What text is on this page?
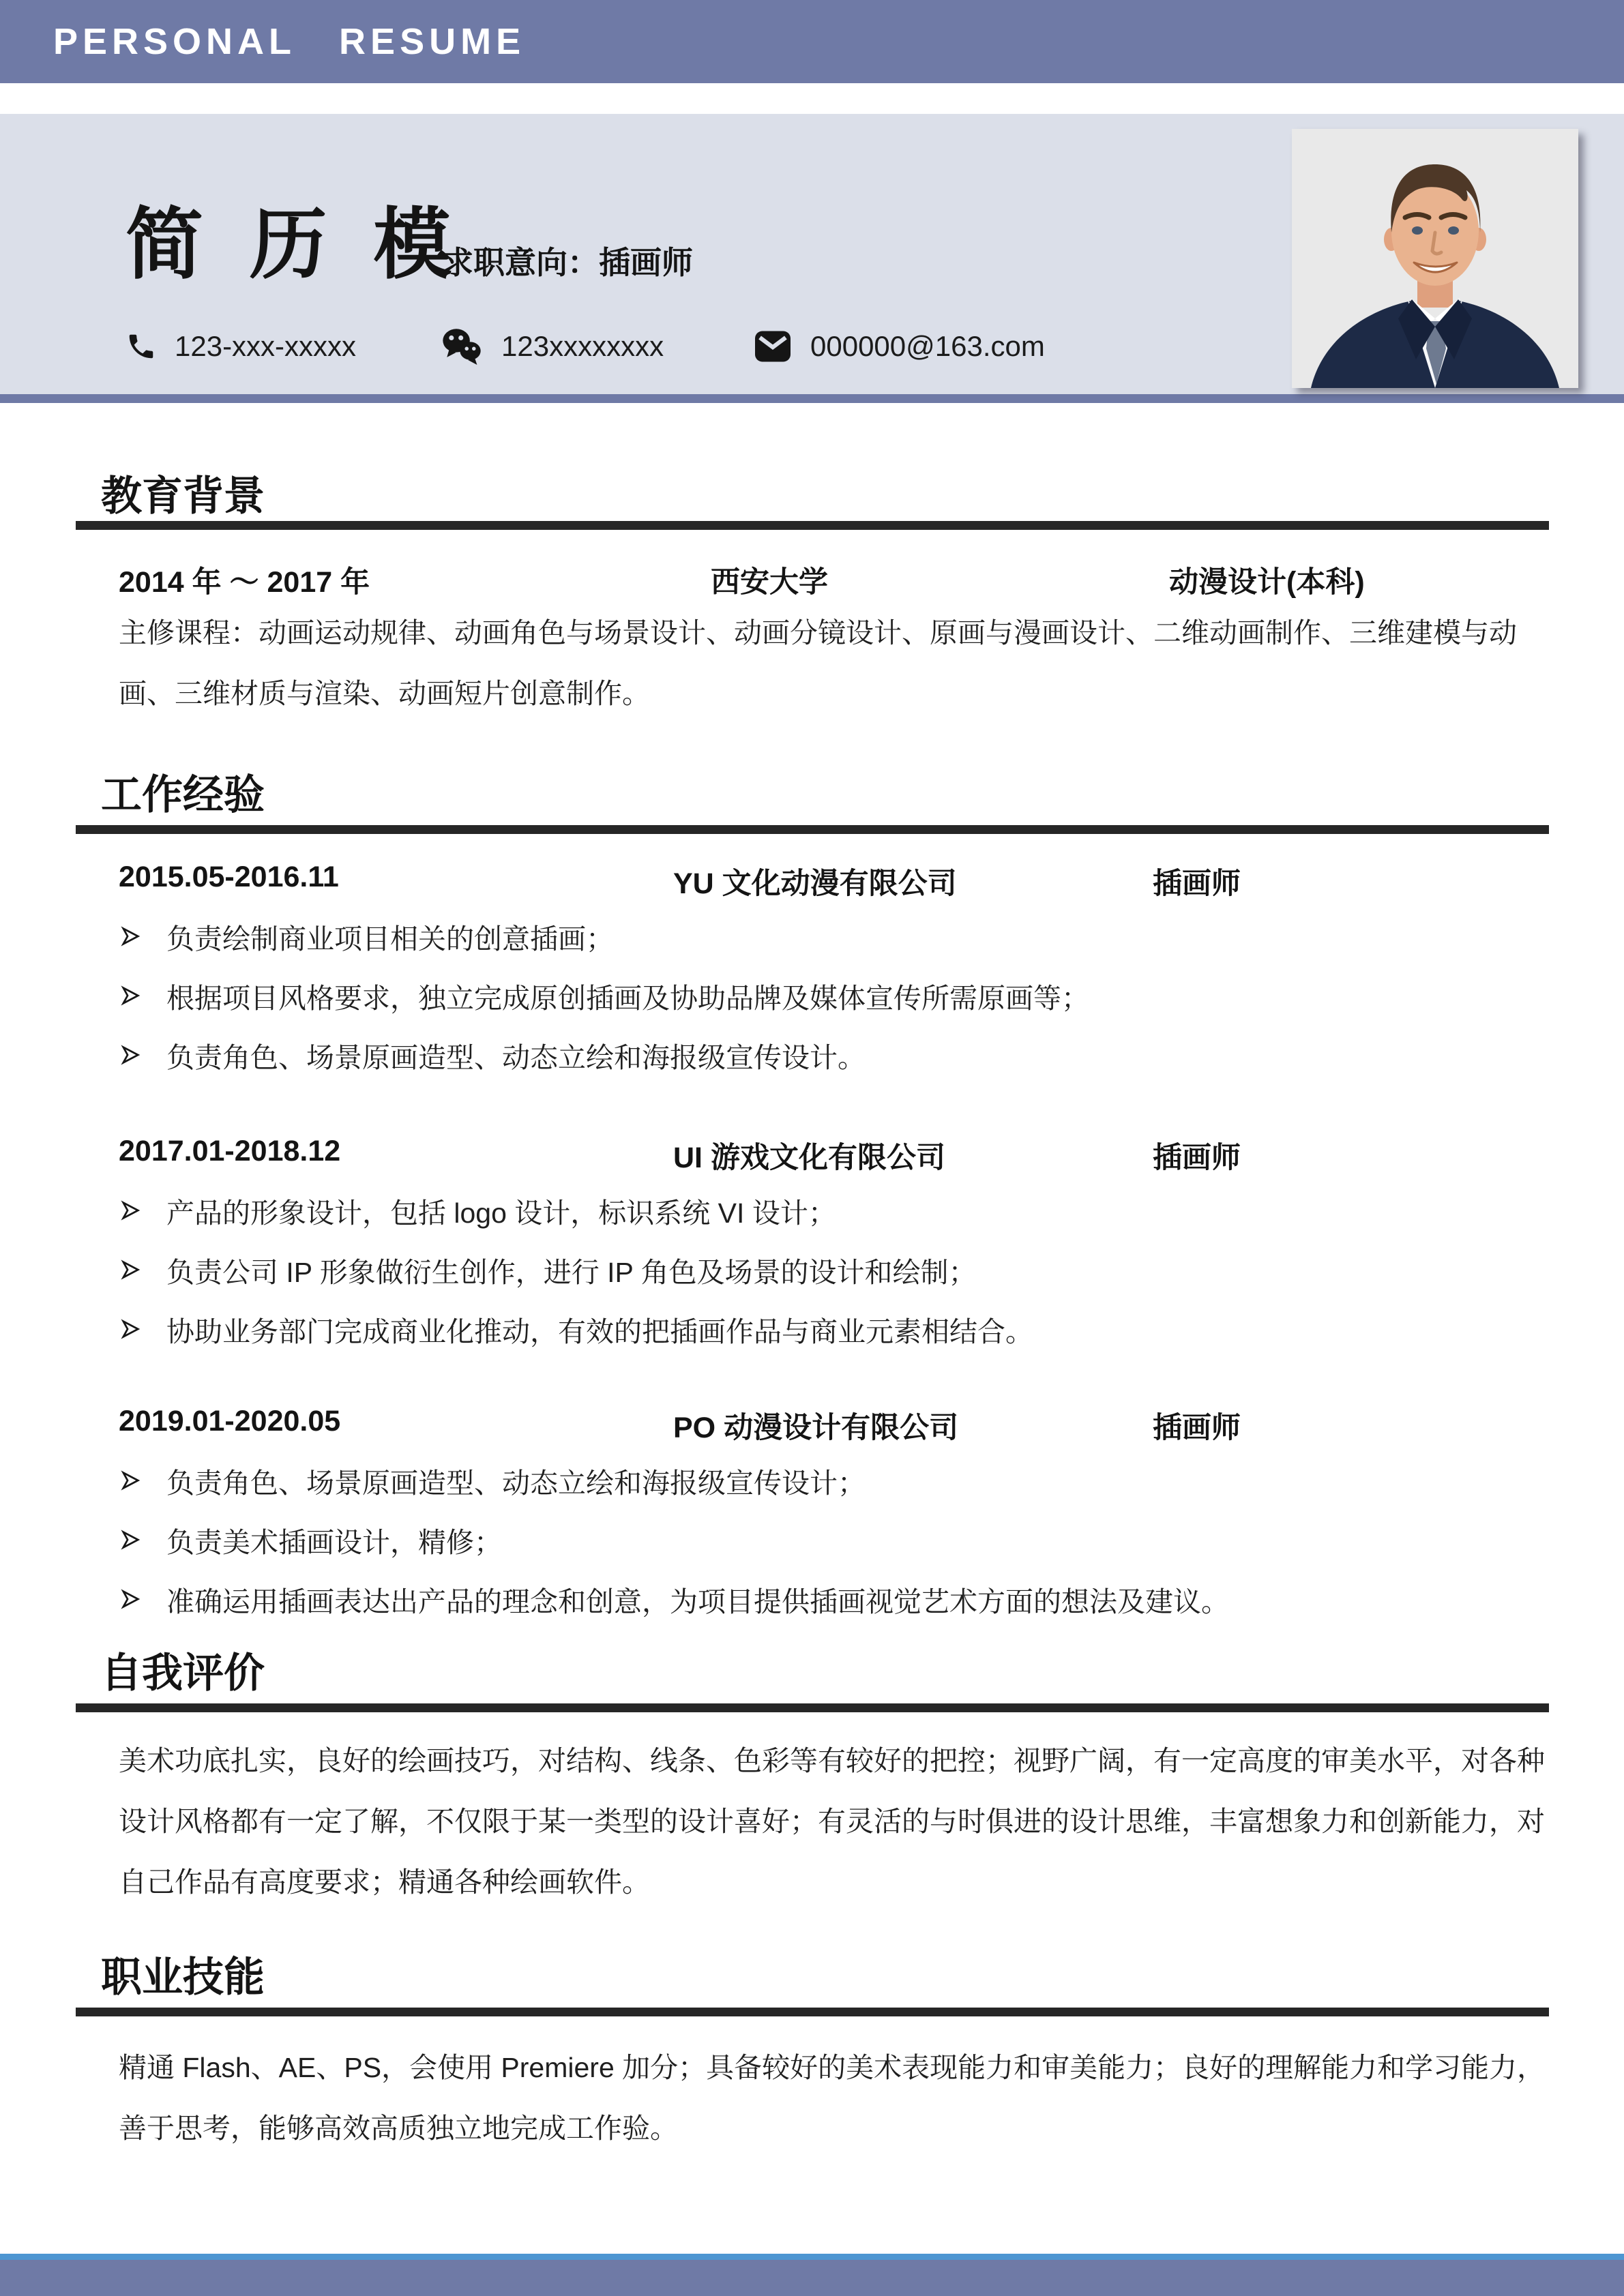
PERSONAL RESUME
简 历 模
求职意向：插画师
123-xxx-xxxxx	123xxxxxxxx	000000@163.com
教育背景
2014 年 ～ 2017 年	西安大学	动漫设计(本科)
主修课程：动画运动规律、动画角色与场景设计、动画分镜设计、原画与漫画设计、二维动画制作、三维建模与动画、三维材质与渲染、动画短片创意制作。
工作经验
2015.05-2016.11	YU 文化动漫有限公司	插画师
负责绘制商业项目相关的创意插画；
根据项目风格要求，独立完成原创插画及协助品牌及媒体宣传所需原画等；
负责角色、场景原画造型、动态立绘和海报级宣传设计。
2017.01-2018.12	UI 游戏文化有限公司	插画师
产品的形象设计，包括 logo 设计，标识系统 VI 设计；
负责公司 IP 形象做衍生创作，进行 IP 角色及场景的设计和绘制；
协助业务部门完成商业化推动，有效的把插画作品与商业元素相结合。
2019.01-2020.05	PO 动漫设计有限公司	插画师
负责角色、场景原画造型、动态立绘和海报级宣传设计；
负责美术插画设计，精修；
准确运用插画表达出产品的理念和创意，为项目提供插画视觉艺术方面的想法及建议。
自我评价
美术功底扎实，良好的绘画技巧，对结构、线条、色彩等有较好的把控；视野广阔，有一定高度的审美水平，对各种设计风格都有一定了解，不仅限于某一类型的设计喜好；有灵活的与时俱进的设计思维，丰富想象力和创新能力，对自己作品有高度要求；精通各种绘画软件。
职业技能
精通 Flash、AE、PS，会使用 Premiere 加分；具备较好的美术表现能力和审美能力；良好的理解能力和学习能力，善于思考，能够高效高质独立地完成工作验。
